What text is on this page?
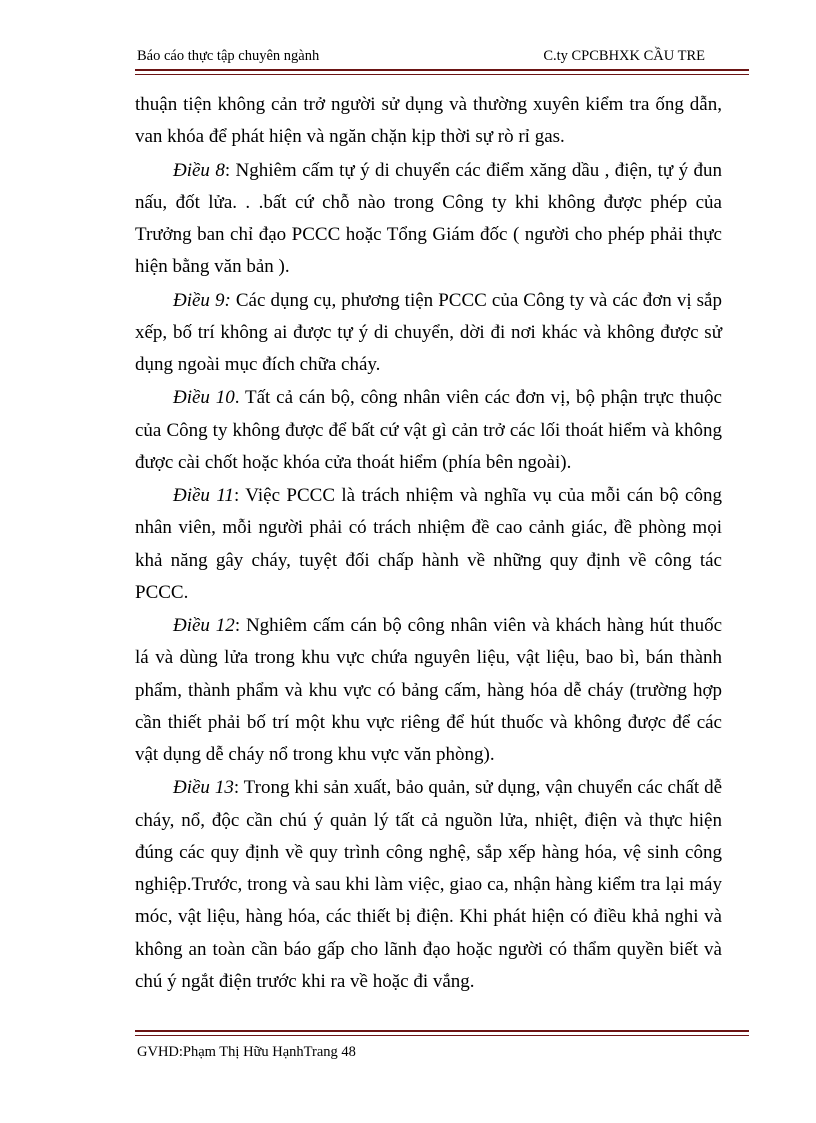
Báo cáo thực tập chuyên ngành	C.ty CPCBHXK CẦU TRE

thuận tiện không cản trở người sử dụng và thường xuyên kiểm tra ống dẫn, van khóa để phát hiện và ngăn chặn kịp thời sự rò rỉ gas.

Điều 8: Nghiêm cấm tự ý di chuyển các điểm xăng dầu , điện, tự ý đun nấu, đốt lửa. . .bất cứ chỗ nào trong Công ty khi không được phép của Trưởng ban chỉ đạo PCCC hoặc Tổng Giám đốc ( người cho phép phải thực hiện bằng văn bản ).

Điều 9: Các dụng cụ, phương tiện PCCC của Công ty và các đơn vị sắp xếp, bố trí không ai được tự ý di chuyển, dời đi nơi khác và không được sử dụng ngoài mục đích chữa cháy.

Điều 10. Tất cả cán bộ, công nhân viên các đơn vị, bộ phận trực thuộc của Công ty không được để bất cứ vật gì cản trở các lối thoát hiểm và không được cài chốt hoặc khóa cửa thoát hiểm (phía bên ngoài).

Điều 11: Việc PCCC là trách nhiệm và nghĩa vụ của mỗi cán bộ công nhân viên, mỗi người phải có trách nhiệm đề cao cảnh giác, đề phòng mọi khả năng gây cháy, tuyệt đối chấp hành về những quy định về công tác PCCC.

Điều 12: Nghiêm cấm cán bộ công nhân viên và khách hàng hút thuốc lá và dùng lửa trong khu vực chứa nguyên liệu, vật liệu, bao bì, bán thành phẩm, thành phẩm và khu vực có bảng cấm, hàng hóa dễ cháy (trường hợp cần thiết phải bố trí một khu vực riêng để hút thuốc và không được để các vật dụng dễ cháy nổ trong khu vực văn phòng).

Điều 13: Trong khi sản xuất, bảo quản, sử dụng, vận chuyển các chất dễ cháy, nổ, độc cần chú ý quản lý tất cả nguồn lửa, nhiệt, điện và thực hiện đúng các quy định về quy trình công nghệ, sắp xếp hàng hóa, vệ sinh công nghiệp.Trước, trong và sau khi làm việc, giao ca, nhận hàng kiểm tra lại máy móc, vật liệu, hàng hóa, các thiết bị điện. Khi phát hiện có điều khả nghi và không an toàn cần báo gấp cho lãnh đạo hoặc người có thẩm quyền biết và chú ý ngắt điện trước khi ra về hoặc đi vắng.

GVHD:Phạm Thị Hữu HạnhTrang 48
